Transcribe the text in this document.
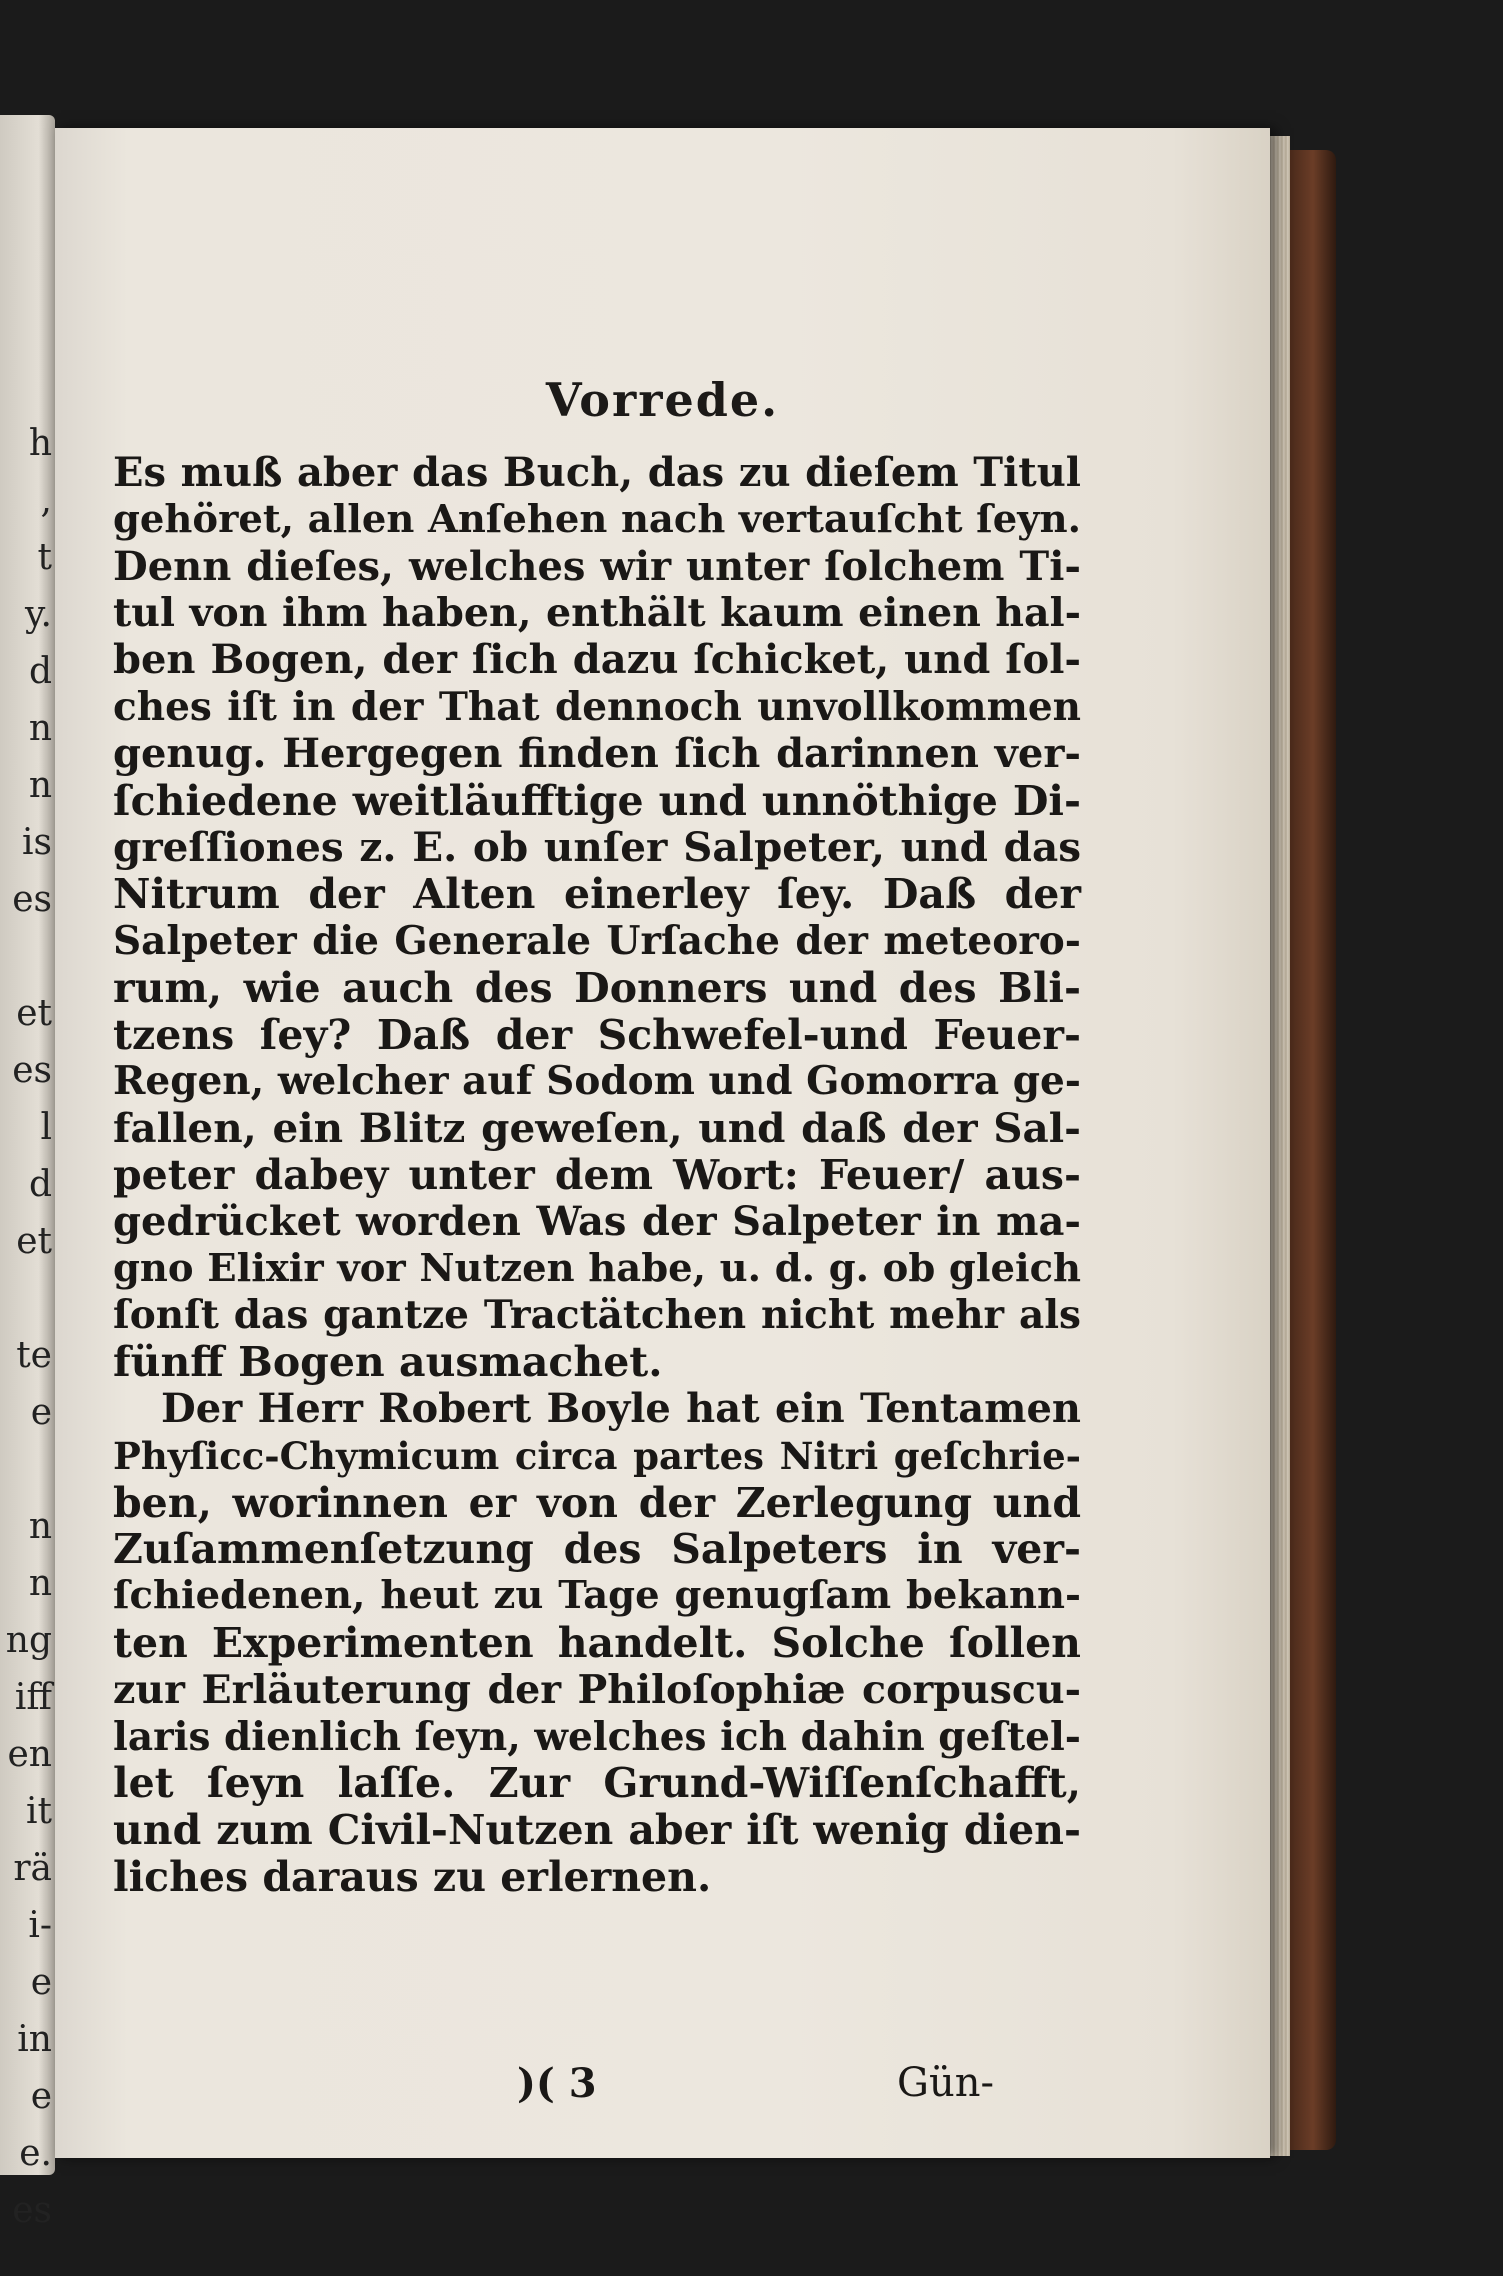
h
,
t
y.
d
n
n
is
es

et
es
l
d
et

te
e

n
n
ng
iff
en
it
rä
i-
e
in
e
e.
es
Vorrede.
Es muß aber das Buch, das zu dieſem Titul
gehöret, allen Anſehen nach vertauſcht ſeyn.
Denn dieſes, welches wir unter ſolchem Ti-
tul von ihm haben, enthält kaum einen hal-
ben Bogen, der ſich dazu ſchicket, und ſol-
ches iſt in der That dennoch unvollkommen
genug. Hergegen finden ſich darinnen ver-
ſchiedene weitläufftige und unnöthige Di-
greſſiones z. E. ob unſer Salpeter, und das
Nitrum der Alten einerley ſey. Daß der
Salpeter die Generale Urſache der meteoro-
rum, wie auch des Donners und des Bli-
tzens ſey? Daß der Schwefel-und Feuer-
Regen, welcher auf Sodom und Gomorra ge-
fallen, ein Blitz geweſen, und daß der Sal-
peter dabey unter dem Wort: Feuer/ aus-
gedrücket worden Was der Salpeter in ma-
gno Elixir vor Nutzen habe, u. d. g. ob gleich
ſonſt das gantze Tractätchen nicht mehr als
fünff Bogen ausmachet.
Der Herr Robert Boyle hat ein Tentamen
Phyſicc-Chymicum circa partes Nitri geſchrie-
ben, worinnen er von der Zerlegung und
Zuſammenſetzung des Salpeters in ver-
ſchiedenen, heut zu Tage genugſam bekann-
ten Experimenten handelt. Solche ſollen
zur Erläuterung der Philoſophiæ corpuscu-
laris dienlich ſeyn, welches ich dahin geſtel-
let ſeyn laſſe. Zur Grund-Wiſſenſchafft,
und zum Civil-Nutzen aber iſt wenig dien-
liches daraus zu erlernen.
)( 3	Gün-
